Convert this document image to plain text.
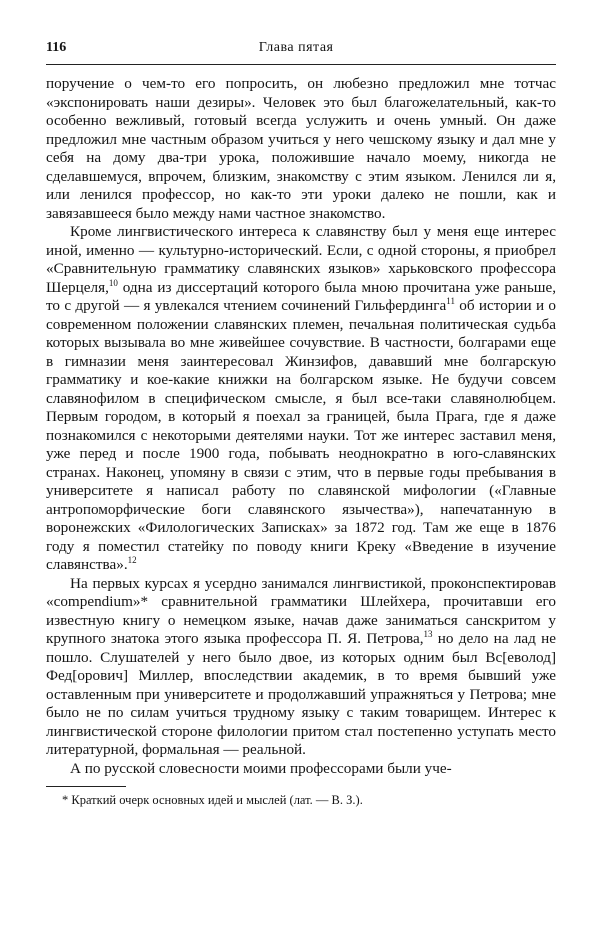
116	Глава пятая

поручение о чем-то его попросить, он любезно предложил мне тотчас «экспонировать наши дезиры». Человек это был благожелательный, как-то особенно вежливый, готовый всегда услужить и очень умный. Он даже предложил мне частным образом учиться у него чешскому языку и дал мне у себя на дому два-три урока, положившие начало моему, никогда не сделавшемуся, впрочем, близким, знакомству с этим языком. Ленился ли я, или ленился профессор, но как-то эти уроки далеко не пошли, как и завязавшееся было между нами частное знакомство.

Кроме лингвистического интереса к славянству был у меня еще интерес иной, именно — культурно-исторический. Если, с одной стороны, я приобрел «Сравнительную грамматику славянских языков» харьковского профессора Шерцеля,$^{10}$ одна из диссертаций которого была мною прочитана уже раньше, то с другой — я увлекался чтением сочинений Гильфердинга$^{11}$ об истории и о современном положении славянских племен, печальная политическая судьба которых вызывала во мне живейшее сочувствие. В частности, болгарами еще в гимназии меня заинтересовал Жинзифов, дававший мне болгарскую грамматику и кое-какие книжки на болгарском языке. Не будучи совсем славянофилом в специфическом смысле, я был все-таки славянолюбцем. Первым городом, в который я поехал за границей, была Прага, где я даже познакомился с некоторыми деятелями науки. Тот же интерес заставил меня, уже перед и после 1900 года, побывать неоднократно в юго-славянских странах. Наконец, упомяну в связи с этим, что в первые годы пребывания в университете я написал работу по славянской мифологии («Главные антропоморфические боги славянского язычества»), напечатанную в воронежских «Филологических Записках» за 1872 год. Там же еще в 1876 году я поместил статейку по поводу книги Креку «Введение в изучение славянства».$^{12}$

На первых курсах я усердно занимался лингвистикой, проконспектировав «compendium»* сравнительной грамматики Шлейхера, прочитавши его известную книгу о немецком языке, начав даже заниматься санскритом у крупного знатока этого языка профессора П. Я. Петрова,$^{13}$ но дело на лад не пошло. Слушателей у него было двое, из которых одним был Вс[еволод] Фед[орович] Миллер, впоследствии академик, в то время бывший уже оставленным при университете и продолжавший упражняться у Петрова; мне было не по силам учиться трудному языку с таким товарищем. Интерес к лингвистической стороне филологии притом стал постепенно уступать место литературной, формальная — реальной.

А по русской словесности моими профессорами были уче-

* Краткий очерк основных идей и мыслей (лат. — В. З.).
